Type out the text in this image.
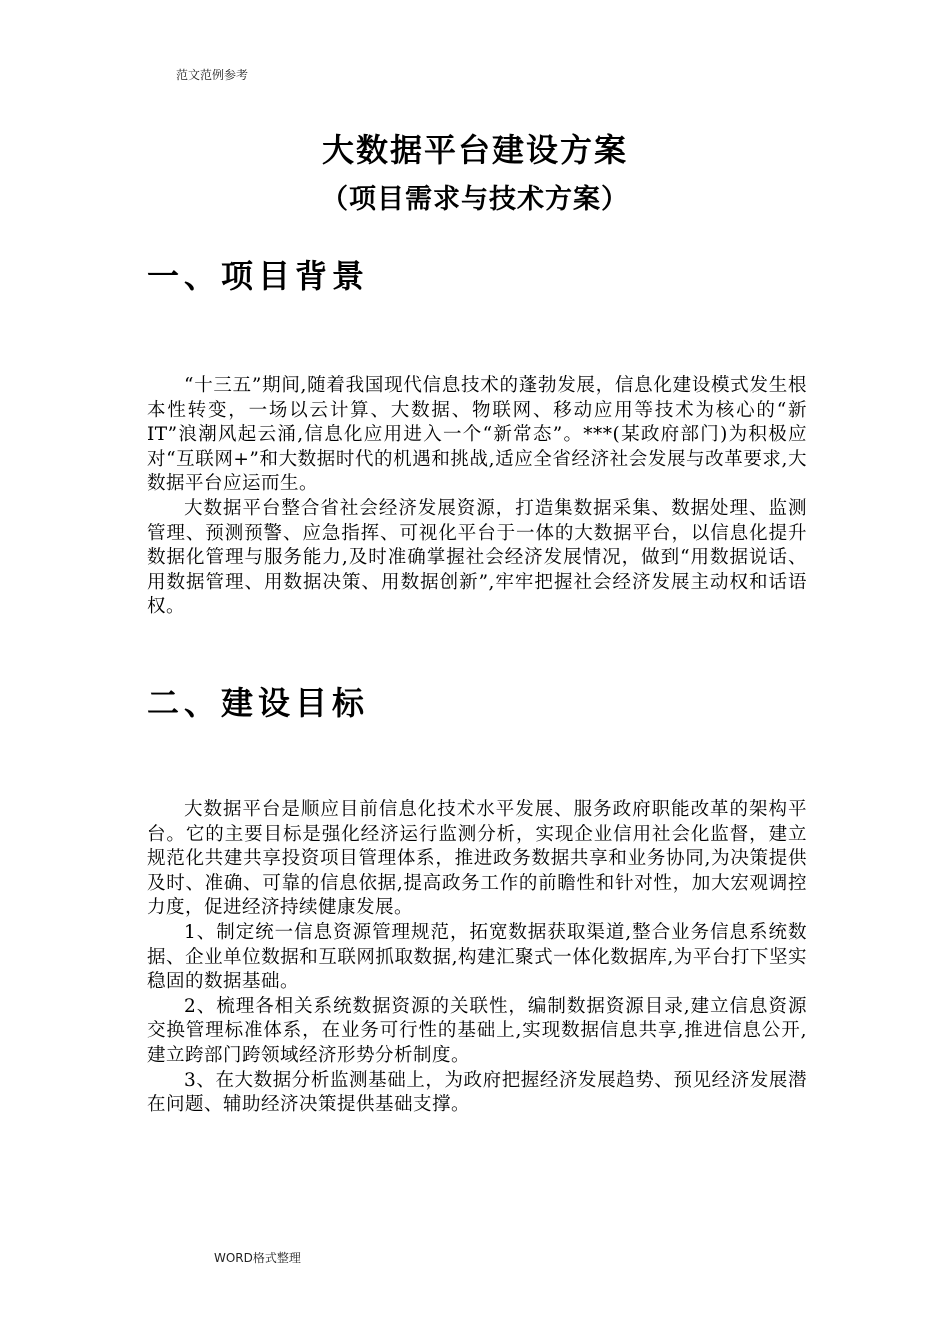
范文范例参考
大数据平台建设方案
（项目需求与技术方案）
一、项目背景

“十三五”期间,随着我国现代信息技术的蓬勃发展，信息化建设模式发生根本性转变，一场以云计算、大数据、物联网、移动应用等技术为核心的“新 IT”浪潮风起云涌,信息化应用进入一个“新常态”。***(某政府部门)为积极应对“互联网+”和大数据时代的机遇和挑战,适应全省经济社会发展与改革要求,大数据平台应运而生。

大数据平台整合省社会经济发展资源，打造集数据采集、数据处理、监测管理、预测预警、应急指挥、可视化平台于一体的大数据平台，以信息化提升数据化管理与服务能力,及时准确掌握社会经济发展情况，做到“用数据说话、用数据管理、用数据决策、用数据创新”,牢牢把握社会经济发展主动权和话语权。

二、建设目标

大数据平台是顺应目前信息化技术水平发展、服务政府职能改革的架构平台。它的主要目标是强化经济运行监测分析，实现企业信用社会化监督，建立规范化共建共享投资项目管理体系，推进政务数据共享和业务协同,为决策提供及时、准确、可靠的信息依据,提高政务工作的前瞻性和针对性，加大宏观调控力度，促进经济持续健康发展。

1、制定统一信息资源管理规范，拓宽数据获取渠道,整合业务信息系统数据、企业单位数据和互联网抓取数据,构建汇聚式一体化数据库,为平台打下坚实稳固的数据基础。

2、梳理各相关系统数据资源的关联性，编制数据资源目录,建立信息资源交换管理标准体系，在业务可行性的基础上,实现数据信息共享,推进信息公开,建立跨部门跨领域经济形势分析制度。

3、在大数据分析监测基础上，为政府把握经济发展趋势、预见经济发展潜在问题、辅助经济决策提供基础支撑。

WORD格式整理
